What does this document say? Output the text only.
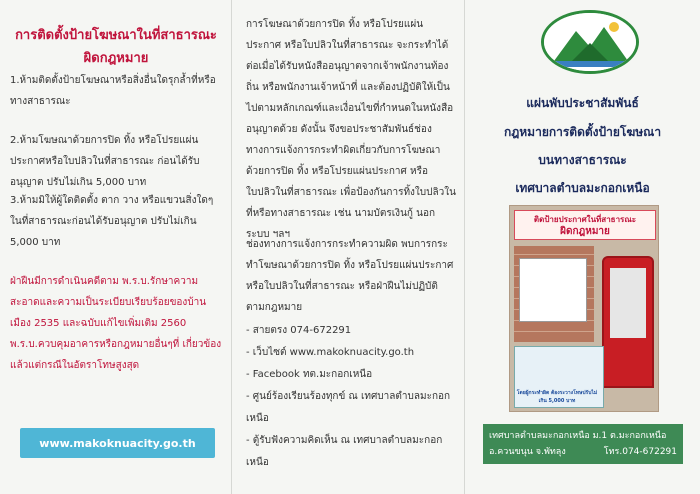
การติดตั้งป้ายโฆษณาในที่สาธารณะ
ผิดกฎหมาย
1.ห้ามติดตั้งป้ายโฆษณาหรือสิ่งอื่นใดรุกล้ำที่หรือทางสาธารณะ
2.ห้ามโฆษณาด้วยการปิด ทิ้ง หรือโปรยแผ่นประกาศหรือใบปลิวในที่สาธารณะ ก่อนได้รับอนุญาต ปรับไม่เกิน 5,000 บาท
3.ห้ามมิให้ผู้ใดติดตั้ง ตาก วาง หรือแขวนสิ่งใดๆ ในที่สาธารณะก่อนได้รับอนุญาต ปรับไม่เกิน 5,000 บาท
ฝ่าฝืนมีการดำเนินคดีตาม พ.ร.บ.รักษาความสะอาดและความเป็นระเบียบเรียบร้อยของบ้านเมือง 2535 และฉบับแก้ไขเพิ่มเติม 2560 พ.ร.บ.ควบคุมอาคารหรือกฎหมายอื่นๆที่ เกี่ยวข้องแล้วแต่กรณีในอัตราโทษสูงสุด
www.makoknuacity.go.th
การโฆษณาด้วยการปิด ทิ้ง หรือโปรยแผ่นประกาศ หรือใบปลิวในที่สาธารณะ จะกระทำได้ต่อเมื่อได้รับหนังสืออนุญาตจากเจ้าพนักงานท้องถิ่น หรือพนักงานเจ้าหน้าที่ และต้องปฏิบัติให้เป็นไปตามหลักเกณฑ์และเงื่อนไขที่กำหนดในหนังสืออนุญาตด้วย ดังนั้น จึงขอประชาสัมพันธ์ช่องทางการแจ้งการกระทำผิดเกี่ยวกับการโฆษณาด้วยการปิด ทิ้ง หรือโปรยแผ่นประกาศ หรือใบปลิวในที่สาธารณะ เพื่อป้องกันการทิ้งใบปลิวในที่หรือทางสาธารณะ เช่น นามบัตรเงินกู้ นอกระบบ ฯลฯ
ช่องทางการแจ้งการกระทำความผิด พบการกระทำโฆษณาด้วยการปิด ทิ้ง หรือโปรยแผ่นประกาศหรือใบปลิวในที่สาธารณะ หรือฝ่าฝืนไม่ปฏิบัติตามกฎหมาย
- สายตรง 074-672291
- เว็บไซต์ www.makoknuacity.go.th
- Facebook ทต.มะกอกเหนือ
- ศูนย์ร้องเรียนร้องทุกข์ ณ เทศบาลตำบลมะกอกเหนือ
- ตู้รับฟังความคิดเห็น ณ เทศบาลตำบลมะกอกเหนือ
แผ่นพับประชาสัมพันธ์
กฎหมายการติดตั้งป้ายโฆษณา
บนทางสาธารณะ
เทศบาลตำบลมะกอกเหนือ
ติดป้ายประกาศในที่สาธารณะ
ผิดกฎหมาย
โดยผู้กระทำผิด ต้องระวางโทษปรับไม่เกิน 5,000 บาท
เทศบาลตำบลมะกอกเหนือ ม.1 ต.มะกอกเหนือ
อ.ควนขนุน จ.พัทลุง	โทร.074-672291
